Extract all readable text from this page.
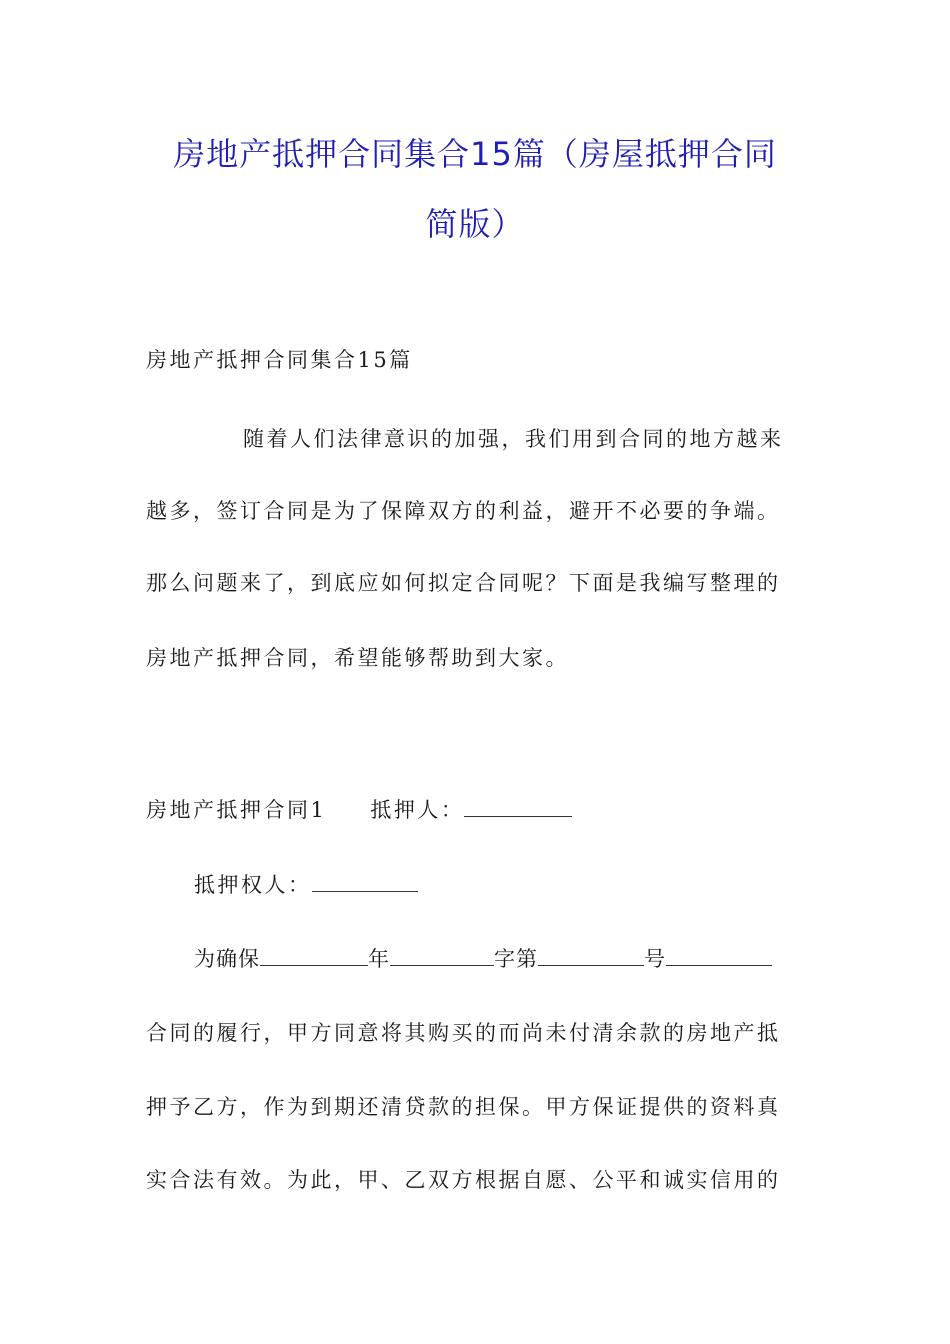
房地产抵押合同集合15篇（房屋抵押合同
简版）
房地产抵押合同集合15篇
随着人们法律意识的加强，我们用到合同的地方越来
越多，签订合同是为了保障双方的利益，避开不必要的争端。
那么问题来了，到底应如何拟定合同呢？下面是我编写整理的
房地产抵押合同，希望能够帮助到大家。
房地产抵押合同1 抵押人：
抵押权人：
为确保	年	字第	号
合同的履行，甲方同意将其购买的而尚未付清余款的房地产抵
押予乙方，作为到期还清贷款的担保。甲方保证提供的资料真
实合法有效。为此，甲、乙双方根据自愿、公平和诚实信用的
